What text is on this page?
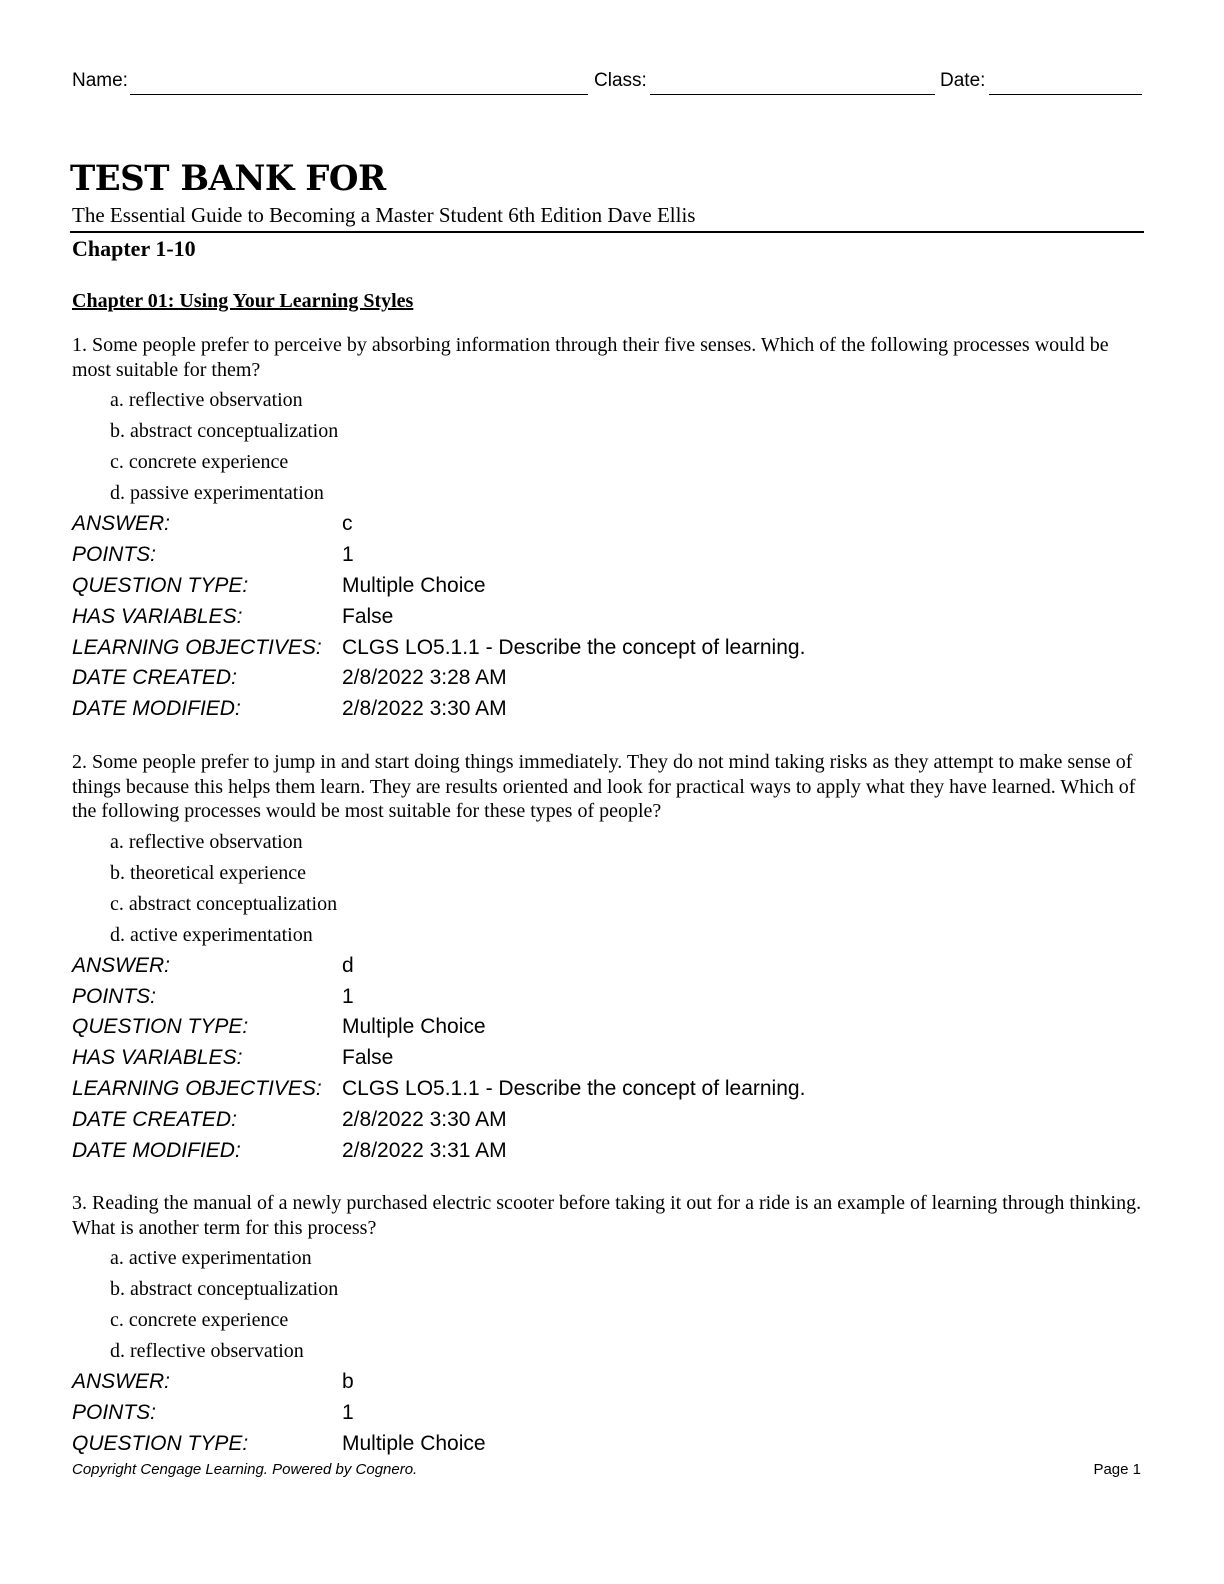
Name:	Class:	Date:
TEST BANK FOR
The Essential Guide to Becoming a Master Student 6th Edition Dave Ellis
Chapter 1-10
Chapter 01: Using Your Learning Styles

1. Some people prefer to perceive by absorbing information through their five senses. Which of the following processes would be most suitable for them?

a. reflective observation
b. abstract conceptualization
c. concrete experience
d. passive experimentation
ANSWER:	c
POINTS:	1
QUESTION TYPE:	Multiple Choice
HAS VARIABLES:	False
LEARNING OBJECTIVES:	CLGS LO5.1.1 - Describe the concept of learning.
DATE CREATED:	2/8/2022 3:28 AM
DATE MODIFIED:	2/8/2022 3:30 AM

2. Some people prefer to jump in and start doing things immediately. They do not mind taking risks as they attempt to make sense of things because this helps them learn. They are results oriented and look for practical ways to apply what they have learned. Which of the following processes would be most suitable for these types of people?

a. reflective observation
b. theoretical experience
c. abstract conceptualization
d. active experimentation
ANSWER:	d
POINTS:	1
QUESTION TYPE:	Multiple Choice
HAS VARIABLES:	False
LEARNING OBJECTIVES:	CLGS LO5.1.1 - Describe the concept of learning.
DATE CREATED:	2/8/2022 3:30 AM
DATE MODIFIED:	2/8/2022 3:31 AM

3. Reading the manual of a newly purchased electric scooter before taking it out for a ride is an example of learning through thinking. What is another term for this process?

a. active experimentation
b. abstract conceptualization
c. concrete experience
d. reflective observation
ANSWER:	b
POINTS:	1
QUESTION TYPE:	Multiple Choice
Copyright Cengage Learning. Powered by Cognero.	Page 1
